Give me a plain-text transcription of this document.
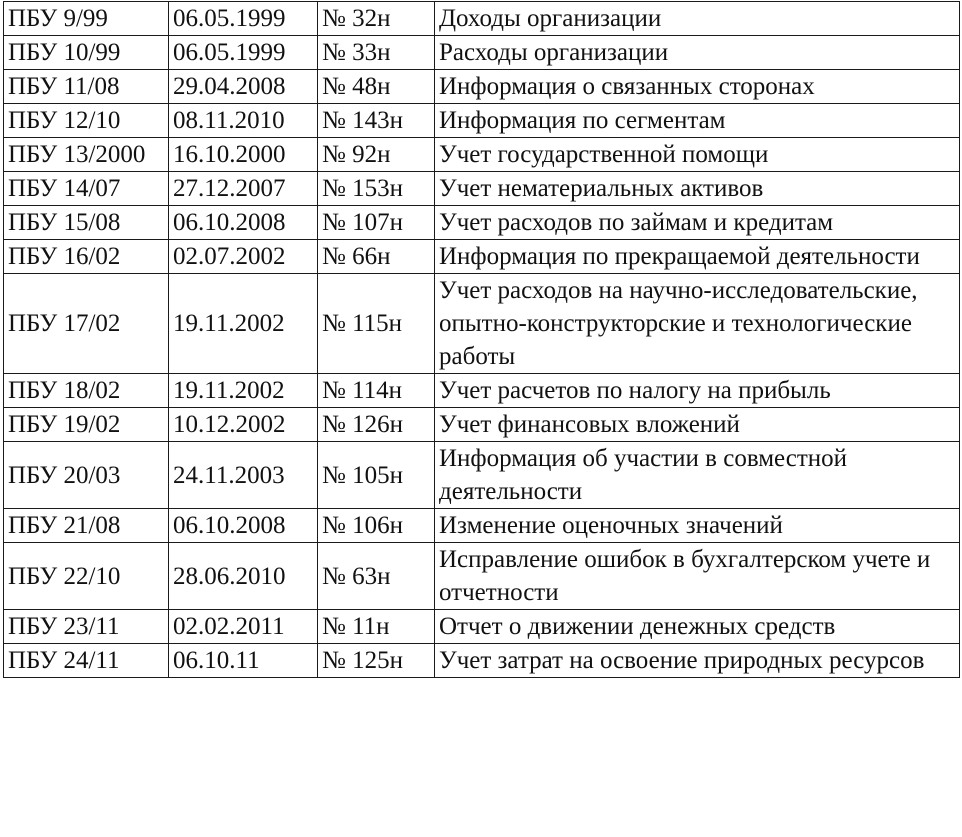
ПБУ 9/99	06.05.1999	№ 32н	Доходы организации
ПБУ 10/99	06.05.1999	№ 33н	Расходы организации
ПБУ 11/08	29.04.2008	№ 48н	Информация о связанных сторонах
ПБУ 12/10	08.11.2010	№ 143н	Информация по сегментам
ПБУ 13/2000	16.10.2000	№ 92н	Учет государственной помощи
ПБУ 14/07	27.12.2007	№ 153н	Учет нематериальных активов
ПБУ 15/08	06.10.2008	№ 107н	Учет расходов по займам и кредитам
ПБУ 16/02	02.07.2002	№ 66н	Информация по прекращаемой деятельности
ПБУ 17/02	19.11.2002	№ 115н	Учет расходов на научно-исследовательские, опытно-конструкторские и технологические работы
ПБУ 18/02	19.11.2002	№ 114н	Учет расчетов по налогу на прибыль
ПБУ 19/02	10.12.2002	№ 126н	Учет финансовых вложений
ПБУ 20/03	24.11.2003	№ 105н	Информация об участии в совместной деятельности
ПБУ 21/08	06.10.2008	№ 106н	Изменение оценочных значений
ПБУ 22/10	28.06.2010	№ 63н	Исправление ошибок в бухгалтерском учете и отчетности
ПБУ 23/11	02.02.2011	№ 11н	Отчет о движении денежных средств
ПБУ 24/11	06.10.11	№ 125н	Учет затрат на освоение природных ресурсов
